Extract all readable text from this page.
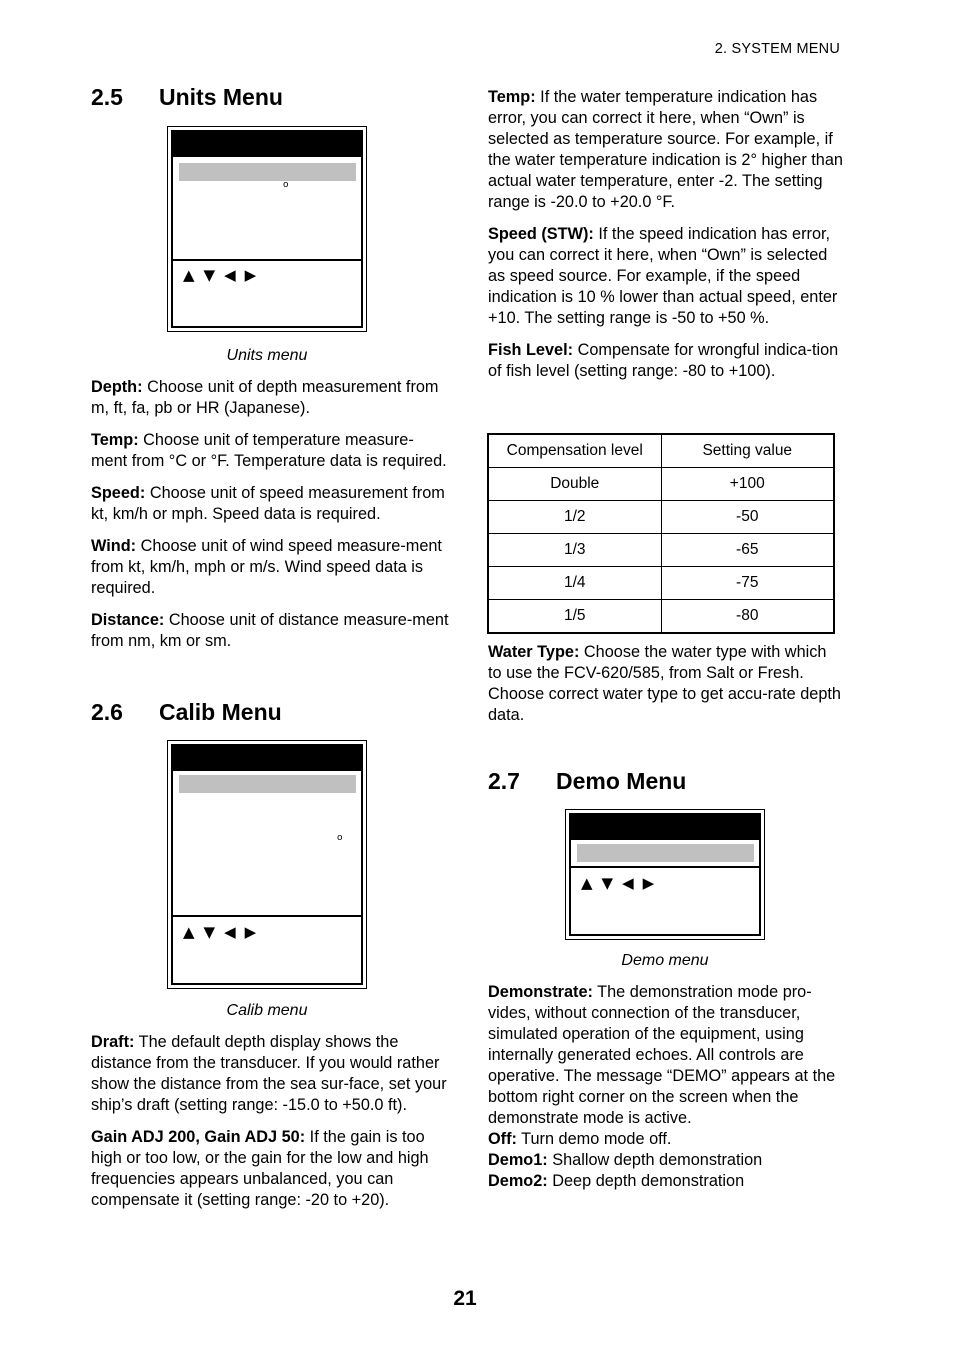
2. SYSTEM MENU
2.5 Units Menu
o
▲▼◀▶
Units menu
Depth: Choose unit of depth measurement from m, ft, fa, pb or HR (Japanese).
Temp: Choose unit of temperature measure-ment from °C or °F. Temperature data is required.
Speed: Choose unit of speed measurement from kt, km/h or mph. Speed data is required.
Wind: Choose unit of wind speed measure-ment from kt, km/h, mph or m/s. Wind speed data is required.
Distance: Choose unit of distance measure-ment from nm, km or sm.
2.6 Calib Menu
o
▲▼◀▶
Calib menu
Draft: The default depth display shows the distance from the transducer. If you would rather show the distance from the sea sur-face, set your ship’s draft (setting range: -15.0 to +50.0 ft).
Gain ADJ 200, Gain ADJ 50: If the gain is too high or too low, or the gain for the low and high frequencies appears unbalanced, you can compensate it (setting range: -20 to +20).
Temp: If the water temperature indication has error, you can correct it here, when “Own” is selected as temperature source. For example, if the water temperature indication is 2° higher than actual water temperature, enter -2. The setting range is -20.0 to +20.0 °F.
Speed (STW): If the speed indication has error, you can correct it here, when “Own” is selected as speed source. For example, if the speed indication is 10 % lower than actual speed, enter +10. The setting range is -50 to +50 %.
Fish Level: Compensate for wrongful indica-tion of fish level (setting range: -80 to +100).
Compensation level	Setting value
Double	+100
1/2	-50
1/3	-65
1/4	-75
1/5	-80
Water Type: Choose the water type with which to use the FCV-620/585, from Salt or Fresh. Choose correct water type to get accu-rate depth data.
2.7 Demo Menu
▲▼◀▶
Demo menu
Demonstrate: The demonstration mode pro-vides, without connection of the transducer, simulated operation of the equipment, using internally generated echoes. All controls are operative. The message “DEMO” appears at the bottom right corner on the screen when the demonstrate mode is active.
Off: Turn demo mode off.
Demo1: Shallow depth demonstration
Demo2: Deep depth demonstration
21
